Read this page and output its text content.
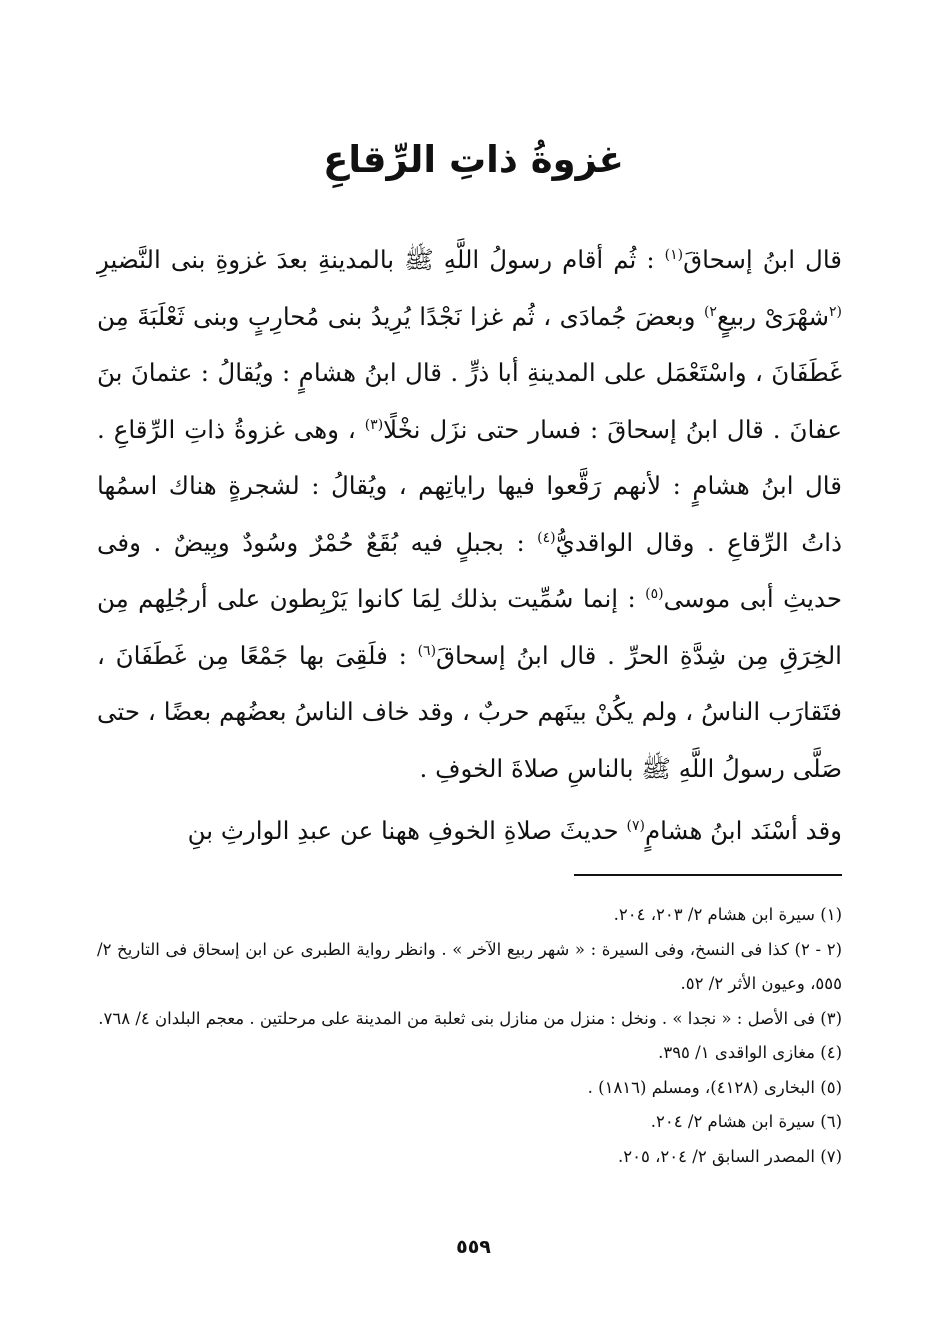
غزوةُ ذاتِ الرِّقاعِ

قال ابنُ إسحاقَ$^{(١)}$ : ثُم أقام رسولُ اللَّهِ ﷺ بالمدينةِ بعدَ غزوةِ بنى النَّضيرِ $^{(٢}$شهْرَىْ ربيعٍ$^{٢)}$ وبعضَ جُمادَى ، ثُم غزا نَجْدًا يُرِيدُ بنى مُحارِبٍ وبنى ثَعْلَبَةَ مِن غَطَفَانَ ، واسْتَعْمَل على المدينةِ أبا ذرٍّ . قال ابنُ هشامٍ : ويُقالُ : عثمانَ بنَ عفانَ . قال ابنُ إسحاقَ : فسار حتى نزَل نخْلًا$^{(٣)}$ ، وهى غزوةُ ذاتِ الرِّقاعِ . قال ابنُ هشامٍ : لأنهم رَقَّعوا فيها راياتِهم ، ويُقالُ : لشجرةٍ هناك اسمُها ذاتُ الرِّقاعِ . وقال الواقديُّ$^{(٤)}$ : بجبلٍ فيه بُقَعٌ حُمْرٌ وسُودٌ وبِيضٌ . وفى حديثِ أبى موسى$^{(٥)}$ : إنما سُمِّيت بذلك لِمَا كانوا يَرْبِطون على أرجُلِهم مِن الخِرَقِ مِن شِدَّةِ الحرِّ . قال ابنُ إسحاقَ$^{(٦)}$ : فلَقِىَ بها جَمْعًا مِن غَطَفَانَ ، فتَقارَب الناسُ ، ولم يكُنْ بينَهم حربٌ ، وقد خاف الناسُ بعضُهم بعضًا ، حتى صَلَّى رسولُ اللَّهِ ﷺ بالناسِ صلاةَ الخوفِ .

وقد أسْنَد ابنُ هشامٍ$^{(٧)}$ حديثَ صلاةِ الخوفِ ههنا عن عبدِ الوارثِ بنِ

(١) سيرة ابن هشام ٢/ ٢٠٣، ٢٠٤.

(٢ - ٢) كذا فى النسخ، وفى السيرة : « شهر ربيع الآخر » . وانظر رواية الطبرى عن ابن إسحاق فى التاريخ ٢/ ٥٥٥، وعيون الأثر ٢/ ٥٢.

(٣) فى الأصل : « نجدا » . ونخل : منزل من منازل بنى ثعلبة من المدينة على مرحلتين . معجم البلدان ٤/ ٧٦٨.

(٤) مغازى الواقدى ١/ ٣٩٥.

(٥) البخارى (٤١٢٨)، ومسلم (١٨١٦) .

(٦) سيرة ابن هشام ٢/ ٢٠٤.

(٧) المصدر السابق ٢/ ٢٠٤، ٢٠٥.

٥٥٩
